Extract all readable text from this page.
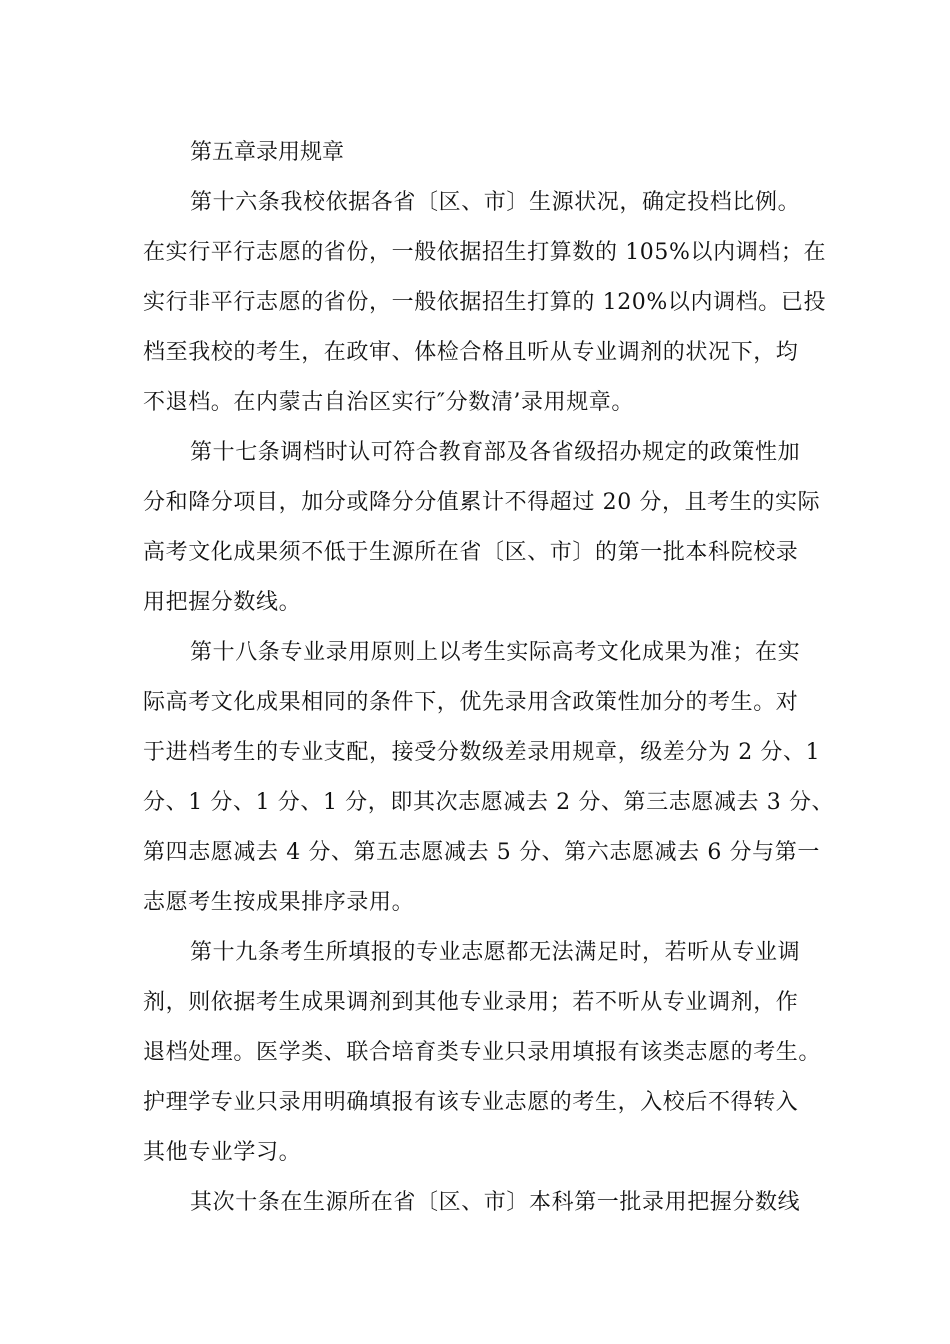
第五章录用规章
第十六条我校依据各省〔区、市〕生源状况，确定投档比例。
在实行平行志愿的省份，一般依据招生打算数的 105%以内调档；在
实行非平行志愿的省份，一般依据招生打算的 120%以内调档。已投
档至我校的考生，在政审、体检合格且听从专业调剂的状况下，均
不退档。在内蒙古自治区实行″分数清’录用规章。
第十七条调档时认可符合教育部及各省级招办规定的政策性加
分和降分项目，加分或降分分值累计不得超过 20 分，且考生的实际
高考文化成果须不低于生源所在省〔区、市〕的第一批本科院校录
用把握分数线。
第十八条专业录用原则上以考生实际高考文化成果为准；在实
际高考文化成果相同的条件下，优先录用含政策性加分的考生。对
于进档考生的专业支配，接受分数级差录用规章，级差分为 2 分、1
分、1 分、1 分、1 分，即其次志愿减去 2 分、第三志愿减去 3 分、
第四志愿减去 4 分、第五志愿减去 5 分、第六志愿减去 6 分与第一
志愿考生按成果排序录用。
第十九条考生所填报的专业志愿都无法满足时，若听从专业调
剂，则依据考生成果调剂到其他专业录用；若不听从专业调剂，作
退档处理。医学类、联合培育类专业只录用填报有该类志愿的考生。
护理学专业只录用明确填报有该专业志愿的考生，入校后不得转入
其他专业学习。
其次十条在生源所在省〔区、市〕本科第一批录用把握分数线
